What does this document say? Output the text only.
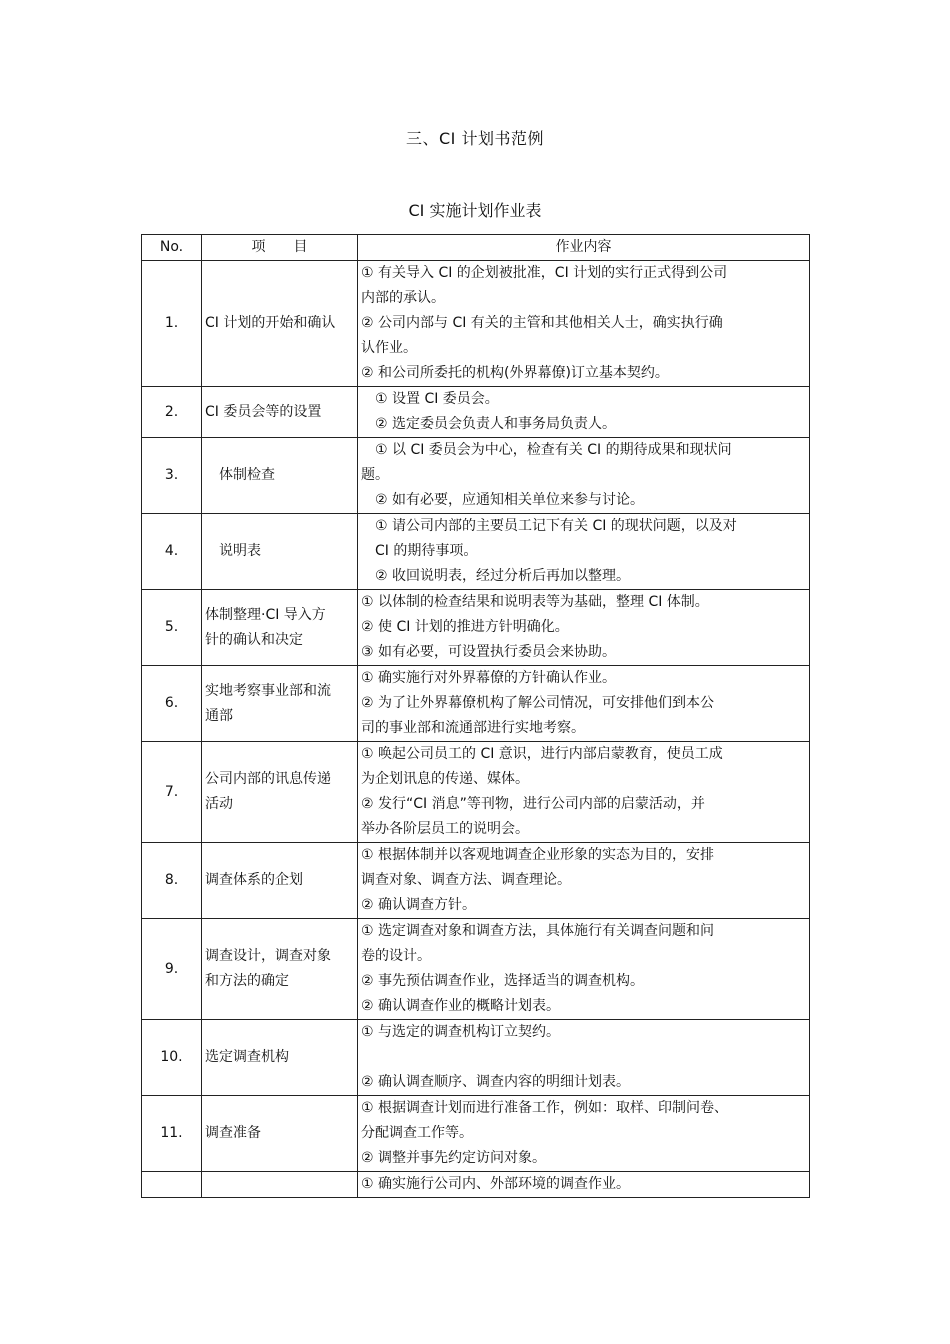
三、CI 计划书范例
CI 实施计划作业表
No.	项　　目	作业内容
1.	CI 计划的开始和确认	① 有关导入 CI 的企划被批准，CI 计划的实行正式得到公司
内部的承认。
② 公司内部与 CI 有关的主管和其他相关人士，确实执行确
认作业。
② 和公司所委托的机构(外界幕僚)订立基本契约。

2.	CI 委员会等的设置	　① 设置 CI 委员会。
　② 选定委员会负责人和事务局负责人。

3.	　体制检查	　① 以 CI 委员会为中心，检查有关 CI 的期待成果和现状问
题。
　② 如有必要，应通知相关单位来参与讨论。

4.	　说明表	　① 请公司内部的主要员工记下有关 CI 的现状问题，以及对
　CI 的期待事项。
　② 收回说明表，经过分析后再加以整理。

5.	体制整理·CI 导入方
针的确认和决定	① 以体制的检查结果和说明表等为基础，整理 CI 体制。
② 使 CI 计划的推进方针明确化。
③ 如有必要，可设置执行委员会来协助。

6.	实地考察事业部和流
通部	① 确实施行对外界幕僚的方针确认作业。
② 为了让外界幕僚机构了解公司情况，可安排他们到本公
司的事业部和流通部进行实地考察。

7.	公司内部的讯息传递
活动	① 唤起公司员工的 CI 意识，进行内部启蒙教育，使员工成
为企划讯息的传递、媒体。
② 发行“CI 消息”等刊物，进行公司内部的启蒙活动，并
举办各阶层员工的说明会。

8.	调查体系的企划	① 根据体制并以客观地调查企业形象的实态为目的，安排
调查对象、调查方法、调查理论。
② 确认调查方针。

9.	调查设计，调查对象
和方法的确定	① 选定调查对象和调查方法，具体施行有关调查问题和问
卷的设计。
② 事先预估调查作业，选择适当的调查机构。
② 确认调查作业的概略计划表。

10.	选定调查机构	① 与选定的调查机构订立契约。
② 确认调查顺序、调查内容的明细计划表。

11.	调查准备	① 根据调查计划而进行准备工作，例如：取样、印制问卷、
分配调查工作等。
② 调整并事先约定访问对象。

		① 确实施行公司内、外部环境的调查作业。
